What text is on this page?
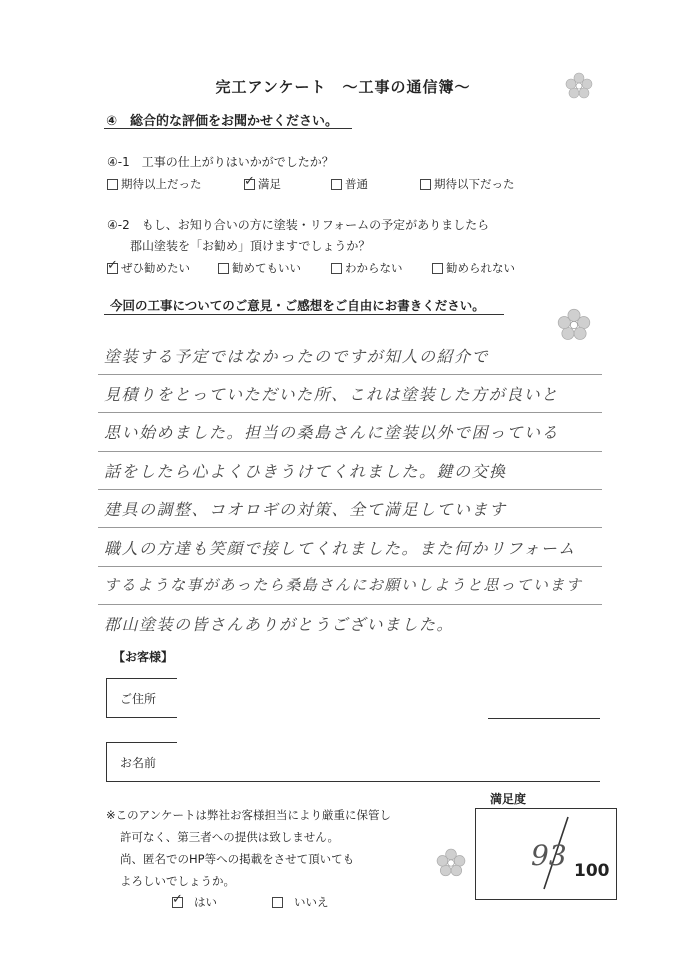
完工アンケート　～工事の通信簿～
④　総合的な評価をお聞かせください。
④-1　工事の仕上がりはいかがでしたか？
期待以上だった
✓	満足	普通	期待以下だった
④-2　もし、お知り合いの方に塗装・リフォームの予定がありましたら
郡山塗装を「お勧め」頂けますでしょうか？
✓
ぜひ勧めたい	勧めてもいい	わからない	勧められない
今回の工事についてのご意見・ご感想をご自由にお書きください。
塗装する予定ではなかったのですが知人の紹介で
見積りをとっていただいた所、これは塗装した方が良いと
思い始めました。担当の桑島さんに塗装以外で困っている
話をしたら心よくひきうけてくれました。鍵の交換
建具の調整、コオロギの対策、全て満足しています
職人の方達も笑顔で接してくれました。また何かリフォーム
するような事があったら桑島さんにお願いしようと思っています
郡山塗装の皆さんありがとうございました。
【お客様】
ご住所
お名前
※このアンケートは弊社お客様担当により厳重に保管し
許可なく、第三者への提供は致しません。
尚、匿名でのHP等への掲載をさせて頂いても
よろしいでしょうか。
✓
はい	いいえ
満足度
93 100
